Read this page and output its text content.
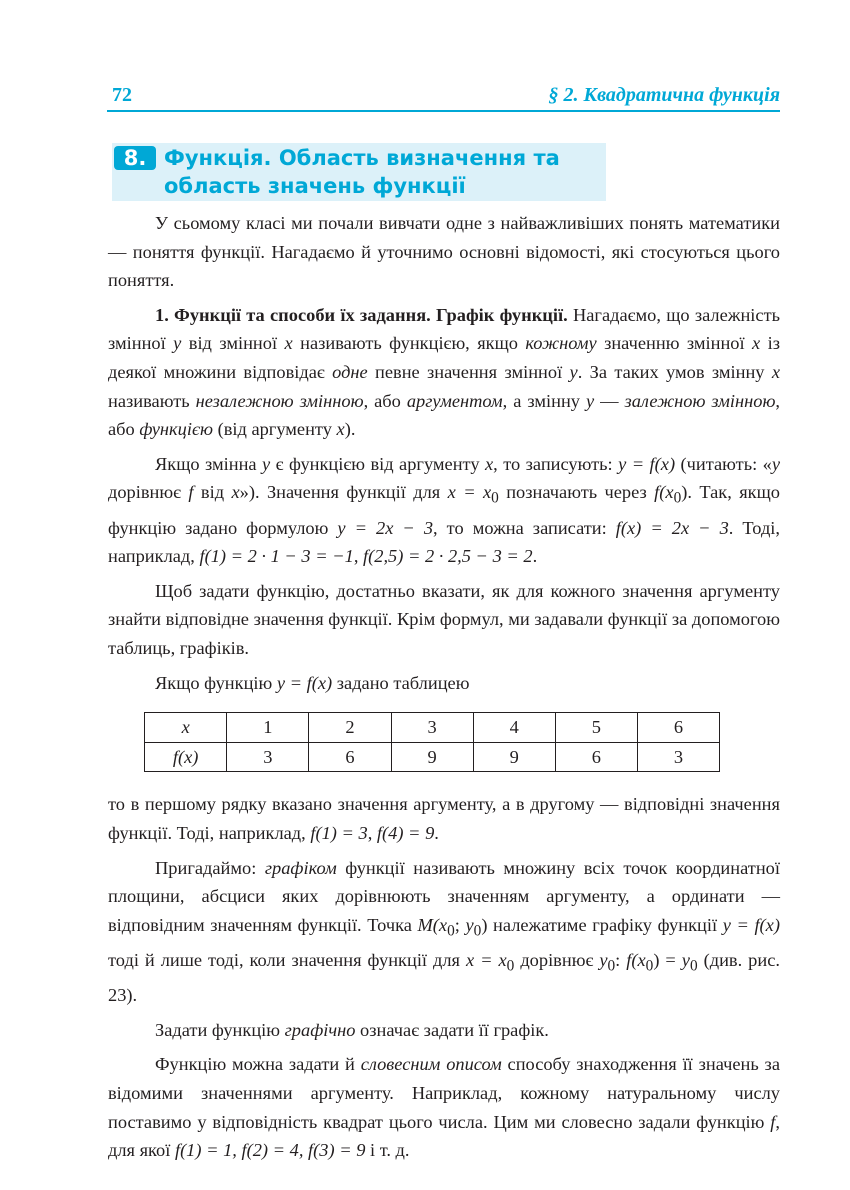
72	§ 2. Квадратична функція
8. Функція. Область визначення та
область значень функції

У сьомому класі ми почали вивчати одне з найважливіших понять математики — поняття функції. Нагадаємо й уточнимо основні відомості, які стосуються цього поняття.

1. Функції та способи їх задання. Графік функції. Нагадаємо, що залежність змінної y від змінної x називають функцією, якщо кожному значенню змінної x із деякої множини відповідає одне певне значення змінної y. За таких умов змінну x називають незалежною змінною, або аргументом, а змінну y — залежною змінною, або функцією (від аргументу x).

Якщо змінна y є функцією від аргументу x, то записують: y = f(x) (читають: «y дорівнює f від x»). Значення функції для $x = x_0$ позначають через $f(x_0)$. Так, якщо функцію задано формулою y = 2x − 3, то можна записати: f(x) = 2x − 3. Тоді, наприклад, f(1) = 2 · 1 − 3 = −1, f(2,5) = 2 · 2,5 − 3 = 2.

Щоб задати функцію, достатньо вказати, як для кожного значення аргументу знайти відповідне значення функції. Крім формул, ми задавали функції за допомогою таблиць, графіків.

Якщо функцію y = f(x) задано таблицею

x	1	2	3	4	5	6
f(x)	3	6	9	9	6	3

то в першому рядку вказано значення аргументу, а в другому — відповідні значення функції. Тоді, наприклад, f(1) = 3, f(4) = 9.

Пригадаймо: графіком функції називають множину всіх точок координатної площини, абсциси яких дорівнюють значенням аргументу, а ординати — відповідним значенням функції. Точка $M(x_0$; $y_0$) належатиме графіку функції y = f(x) тоді й лише тоді, коли значення функції для $x = x_0$ дорівнює $y_0$: $f(x_0) = y_0$ (див. рис. 23).

Задати функцію графічно означає задати її графік.

Функцію можна задати й словесним описом способу знаходження її значень за відомими значеннями аргументу. Наприклад, кожному натуральному числу поставимо у відповідність квадрат цього числа. Цим ми словесно задали функцію f, для якої f(1) = 1, f(2) = 4, f(3) = 9 і т. д.
